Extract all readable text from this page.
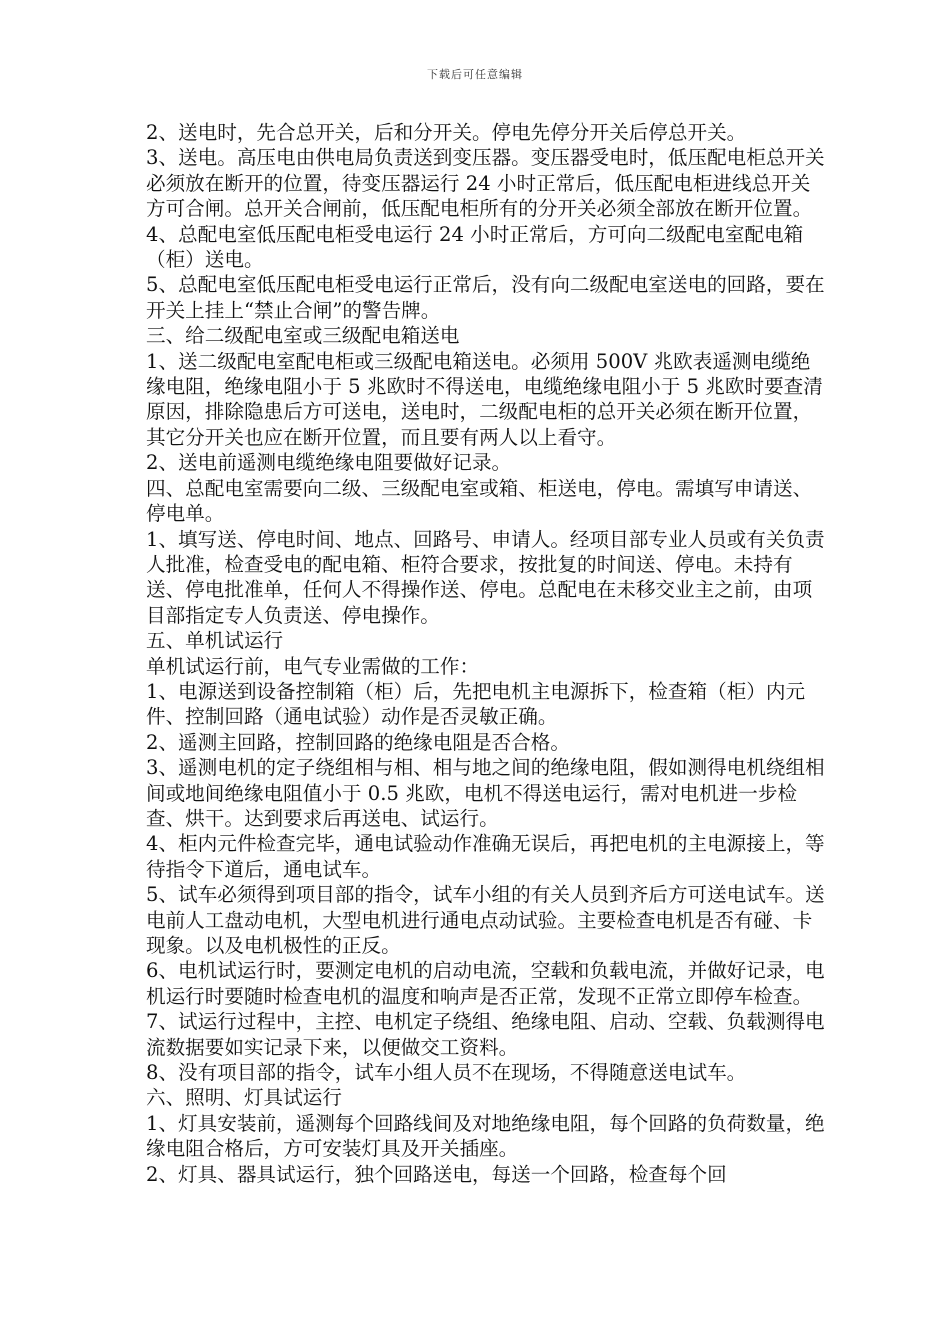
下载后可任意编辑

2、送电时，先合总开关，后和分开关。停电先停分开关后停总开关。

3、送电。高压电由供电局负责送到变压器。变压器受电时，低压配电柜总开关必须放在断开的位置，待变压器运行 24 小时正常后，低压配电柜进线总开关方可合闸。总开关合闸前，低压配电柜所有的分开关必须全部放在断开位置。

4、总配电室低压配电柜受电运行 24 小时正常后，方可向二级配电室配电箱（柜）送电。

5、总配电室低压配电柜受电运行正常后，没有向二级配电室送电的回路，要在开关上挂上“禁止合闸”的警告牌。

三、给二级配电室或三级配电箱送电

1、送二级配电室配电柜或三级配电箱送电。必须用 500V 兆欧表遥测电缆绝缘电阻，绝缘电阻小于 5 兆欧时不得送电，电缆绝缘电阻小于 5 兆欧时要查清原因，排除隐患后方可送电，送电时，二级配电柜的总开关必须在断开位置，其它分开关也应在断开位置，而且要有两人以上看守。

2、送电前遥测电缆绝缘电阻要做好记录。

四、总配电室需要向二级、三级配电室或箱、柜送电，停电。需填写申请送、停电单。

1、填写送、停电时间、地点、回路号、申请人。经项目部专业人员或有关负责人批准，检查受电的配电箱、柜符合要求，按批复的时间送、停电。未持有送、停电批准单，任何人不得操作送、停电。总配电在未移交业主之前，由项目部指定专人负责送、停电操作。

五、单机试运行

单机试运行前，电气专业需做的工作：

1、电源送到设备控制箱（柜）后，先把电机主电源拆下，检查箱（柜）内元件、控制回路（通电试验）动作是否灵敏正确。

2、遥测主回路，控制回路的绝缘电阻是否合格。

3、遥测电机的定子绕组相与相、相与地之间的绝缘电阻，假如测得电机绕组相间或地间绝缘电阻值小于 0.5 兆欧，电机不得送电运行，需对电机进一步检查、烘干。达到要求后再送电、试运行。

4、柜内元件检查完毕，通电试验动作准确无误后，再把电机的主电源接上，等待指令下道后，通电试车。

5、试车必须得到项目部的指令，试车小组的有关人员到齐后方可送电试车。送电前人工盘动电机，大型电机进行通电点动试验。主要检查电机是否有碰、卡现象。以及电机极性的正反。

6、电机试运行时，要测定电机的启动电流，空载和负载电流，并做好记录，电机运行时要随时检查电机的温度和响声是否正常，发现不正常立即停车检查。

7、试运行过程中，主控、电机定子绕组、绝缘电阻、启动、空载、负载测得电流数据要如实记录下来，以便做交工资料。

8、没有项目部的指令，试车小组人员不在现场，不得随意送电试车。

六、照明、灯具试运行

1、灯具安装前，遥测每个回路线间及对地绝缘电阻，每个回路的负荷数量，绝缘电阻合格后，方可安装灯具及开关插座。

2、灯具、器具试运行，独个回路送电，每送一个回路，检查每个回
